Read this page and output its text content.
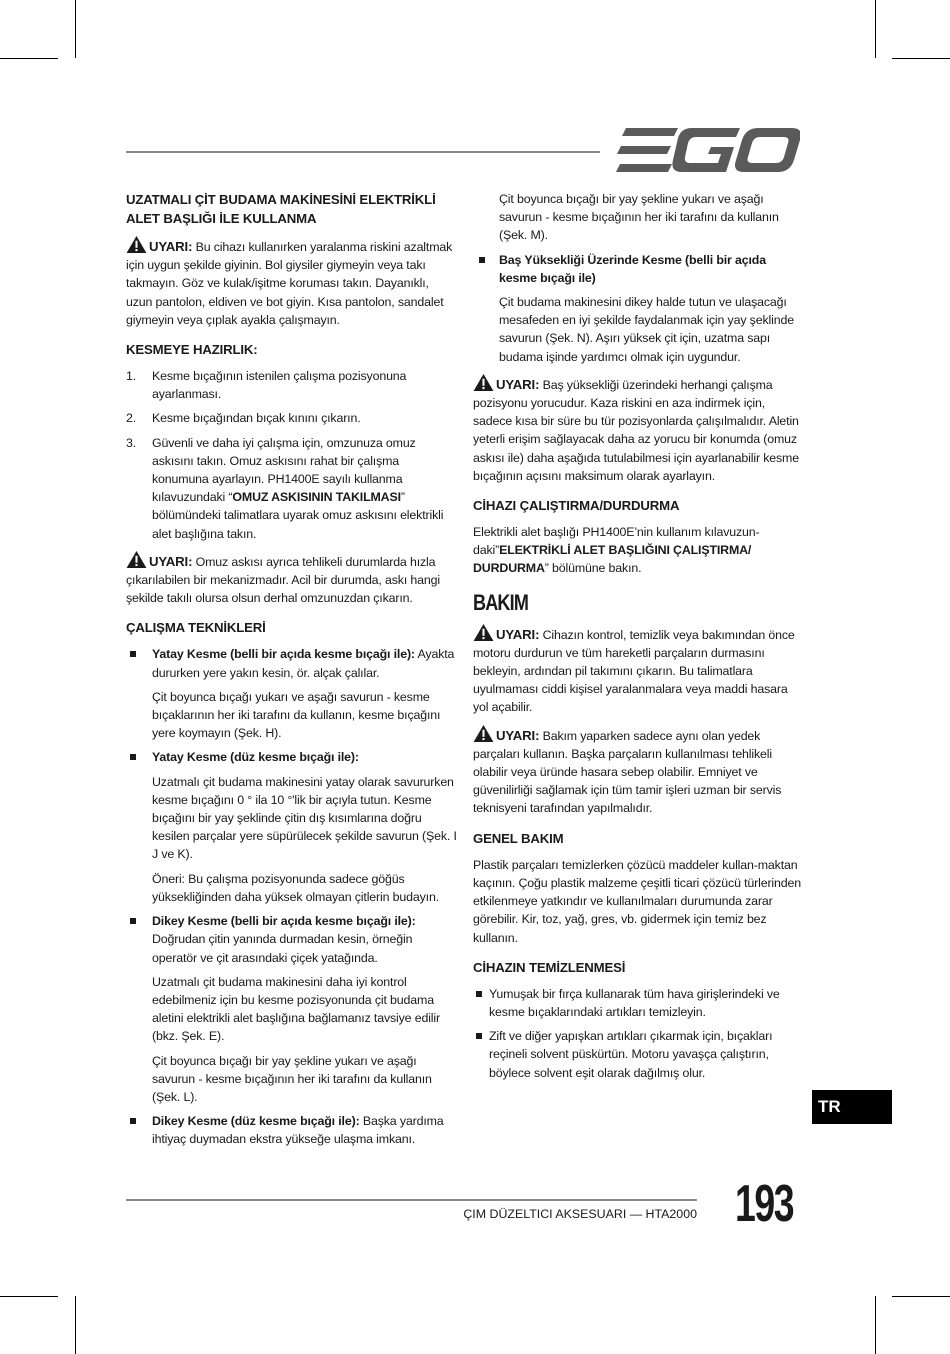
UZATMALI ÇİT BUDAMA MAKİNESİNİ ELEKTRİKLİ ALET BAŞLIĞI İLE KULLANMA

UYARI: Bu cihazı kullanırken yaralanma riskini azaltmak için uygun şekilde giyinin. Bol giysiler giymeyin veya takı takmayın. Göz ve kulak/işitme koruması takın. Dayanıklı, uzun pantolon, eldiven ve bot giyin. Kısa pantolon, sandalet giymeyin veya çıplak ayakla çalışmayın.

KESMEYE HAZIRLIK:
1. Kesme bıçağının istenilen çalışma pozisyonuna ayarlanması.
2. Kesme bıçağından bıçak kınını çıkarın.
3. Güvenli ve daha iyi çalışma için, omzunuza omuz askısını takın. Omuz askısını rahat bir çalışma konumuna ayarlayın. PH1400E sayılı kullanma kılavuzundaki “OMUZ ASKISININ TAKILMASI” bölümündeki talimatlara uyarak omuz askısını elektrikli alet başlığına takın.

UYARI: Omuz askısı ayrıca tehlikeli durumlarda hızla çıkarılabilen bir mekanizmadır. Acil bir durumda, askı hangi şekilde takılı olursa olsun derhal omzunuzdan çıkarın.

ÇALIŞMA TEKNİKLERİ
Yatay Kesme (belli bir açıda kesme bıçağı ile): Ayakta dururken yere yakın kesin, ör. alçak çalılar.
Çit boyunca bıçağı yukarı ve aşağı savurun - kesme bıçaklarının her iki tarafını da kullanın, kesme bıçağını yere koymayın (Şek. H).
Yatay Kesme (düz kesme bıçağı ile):
Uzatmalı çit budama makinesini yatay olarak savururken kesme bıçağını 0 ° ila 10 °'lik bir açıyla tutun. Kesme bıçağını bir yay şeklinde çitin dış kısımlarına doğru kesilen parçalar yere süpürülecek şekilde savurun (Şek. I J ve K).
Öneri: Bu çalışma pozisyonunda sadece göğüs yüksekliğinden daha yüksek olmayan çitlerin budayın.
Dikey Kesme (belli bir açıda kesme bıçağı ile): Doğrudan çitin yanında durmadan kesin, örneğin operatör ve çit arasındaki çiçek yatağında.
Uzatmalı çit budama makinesini daha iyi kontrol edebilmeniz için bu kesme pozisyonunda çit budama aletini elektrikli alet başlığına bağlamanız tavsiye edilir (bkz. Şek. E).
Çit boyunca bıçağı bir yay şekline yukarı ve aşağı savurun - kesme bıçağının her iki tarafını da kullanın (Şek. L).
Dikey Kesme (düz kesme bıçağı ile): Başka yardıma ihtiyaç duymadan ekstra yükseğe ulaşma imkanı.
Çit boyunca bıçağı bir yay şekline yukarı ve aşağı savurun - kesme bıçağının her iki tarafını da kullanın (Şek. M).
Baş Yüksekliği Üzerinde Kesme (belli bir açıda kesme bıçağı ile)
Çit budama makinesini dikey halde tutun ve ulaşacağı mesafeden en iyi şekilde faydalanmak için yay şeklinde savurun (Şek. N). Aşırı yüksek çit için, uzatma sapı budama işinde yardımcı olmak için uygundur.

UYARI: Baş yüksekliği üzerindeki herhangi çalışma pozisyonu yorucudur. Kaza riskini en aza indirmek için, sadece kısa bir süre bu tür pozisyonlarda çalışılmalıdır. Aletin yeterli erişim sağlayacak daha az yorucu bir konumda (omuz askısı ile) daha aşağıda tutulabilmesi için ayarlanabilir kesme bıçağının açısını maksimum olarak ayarlayın.

CİHAZI ÇALIŞTIRMA/DURDURMA

Elektrikli alet başlığı PH1400E’nin kullanım kılavuzun-daki”ELEKTRİKLİ ALET BAŞLIĞINI ÇALIŞTIRMA/ DURDURMA” bölümüne bakın.

BAKIM

UYARI: Cihazın kontrol, temizlik veya bakımından önce motoru durdurun ve tüm hareketli parçaların durmasını bekleyin, ardından pil takımını çıkarın. Bu talimatlara uyulmaması ciddi kişisel yaralanmalara veya maddi hasara yol açabilir.

UYARI: Bakım yaparken sadece aynı olan yedek parçaları kullanın. Başka parçaların kullanılması tehlikeli olabilir veya üründe hasara sebep olabilir. Emniyet ve güvenilirliği sağlamak için tüm tamir işleri uzman bir servis teknisyeni tarafından yapılmalıdır.

GENEL BAKIM

Plastik parçaları temizlerken çözücü maddeler kullan-maktan kaçının. Çoğu plastik malzeme çeşitli ticari çözücü türlerinden etkilenmeye yatkındır ve kullanılmaları durumunda zarar görebilir. Kir, toz, yağ, gres, vb. gidermek için temiz bez kullanın.

CİHAZIN TEMİZLENMESİ
Yumuşak bir fırça kullanarak tüm hava girişlerindeki ve kesme bıçaklarındaki artıkları temizleyin.
Zift ve diğer yapışkan artıkları çıkarmak için, bıçakları reçineli solvent püskürtün. Motoru yavaşça çalıştırın, böylece solvent eşit olarak dağılmış olur.
TR
ÇIM DÜZELTICI AKSESUARI — HTA2000 193
